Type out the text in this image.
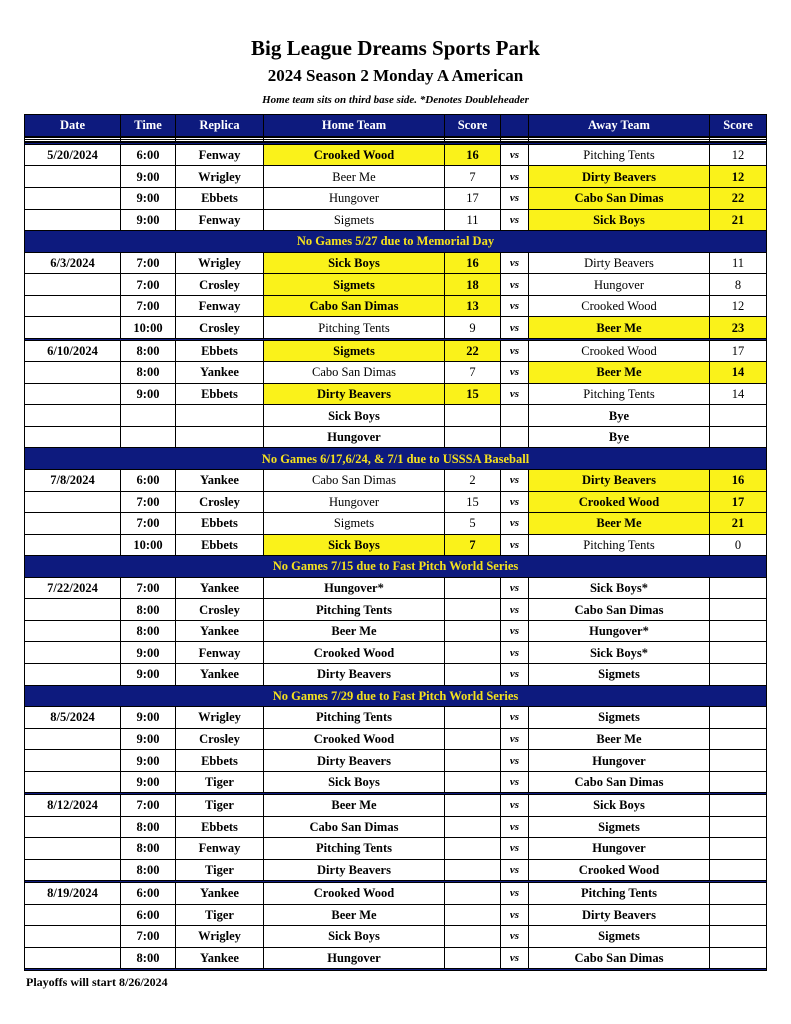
Big League Dreams Sports Park
2024 Season 2 Monday A American
Home team sits on third base side. *Denotes Doubleheader
Date	Time	Replica	Home Team	Score		Away Team	Score

5/20/2024	6:00	Fenway	Crooked Wood	16	vs	Pitching Tents	12
	9:00	Wrigley	Beer Me	7	vs	Dirty Beavers	12
	9:00	Ebbets	Hungover	17	vs	Cabo San Dimas	22
	9:00	Fenway	Sigmets	11	vs	Sick Boys	21
No Games 5/27 due to Memorial Day							
6/3/2024	7:00	Wrigley	Sick Boys	16	vs	Dirty Beavers	11
	7:00	Crosley	Sigmets	18	vs	Hungover	8
	7:00	Fenway	Cabo San Dimas	13	vs	Crooked Wood	12
	10:00	Crosley	Pitching Tents	9	vs	Beer Me	23

6/10/2024	8:00	Ebbets	Sigmets	22	vs	Crooked Wood	17
	8:00	Yankee	Cabo San Dimas	7	vs	Beer Me	14
	9:00	Ebbets	Dirty Beavers	15	vs	Pitching Tents	14
			Sick Boys			Bye	
			Hungover			Bye	
No Games 6/17,6/24, & 7/1 due to USSSA Baseball							
7/8/2024	6:00	Yankee	Cabo San Dimas	2	vs	Dirty Beavers	16
	7:00	Crosley	Hungover	15	vs	Crooked Wood	17
	7:00	Ebbets	Sigmets	5	vs	Beer Me	21
	10:00	Ebbets	Sick Boys	7	vs	Pitching Tents	0
No Games 7/15 due to Fast Pitch World Series							
7/22/2024	7:00	Yankee	Hungover*		vs	Sick Boys*	
	8:00	Crosley	Pitching Tents		vs	Cabo San Dimas	
	8:00	Yankee	Beer Me		vs	Hungover*	
	9:00	Fenway	Crooked Wood		vs	Sick Boys*	
	9:00	Yankee	Dirty Beavers		vs	Sigmets	
No Games 7/29 due to Fast Pitch World Series							
8/5/2024	9:00	Wrigley	Pitching Tents		vs	Sigmets	
	9:00	Crosley	Crooked Wood		vs	Beer Me	
	9:00	Ebbets	Dirty Beavers		vs	Hungover	
	9:00	Tiger	Sick Boys		vs	Cabo San Dimas	

8/12/2024	7:00	Tiger	Beer Me		vs	Sick Boys	
	8:00	Ebbets	Cabo San Dimas		vs	Sigmets	
	8:00	Fenway	Pitching Tents		vs	Hungover	
	8:00	Tiger	Dirty Beavers		vs	Crooked Wood	

8/19/2024	6:00	Yankee	Crooked Wood		vs	Pitching Tents	
	6:00	Tiger	Beer Me		vs	Dirty Beavers	
	7:00	Wrigley	Sick Boys		vs	Sigmets	
	8:00	Yankee	Hungover		vs	Cabo San Dimas	

Playoffs will start 8/26/2024
